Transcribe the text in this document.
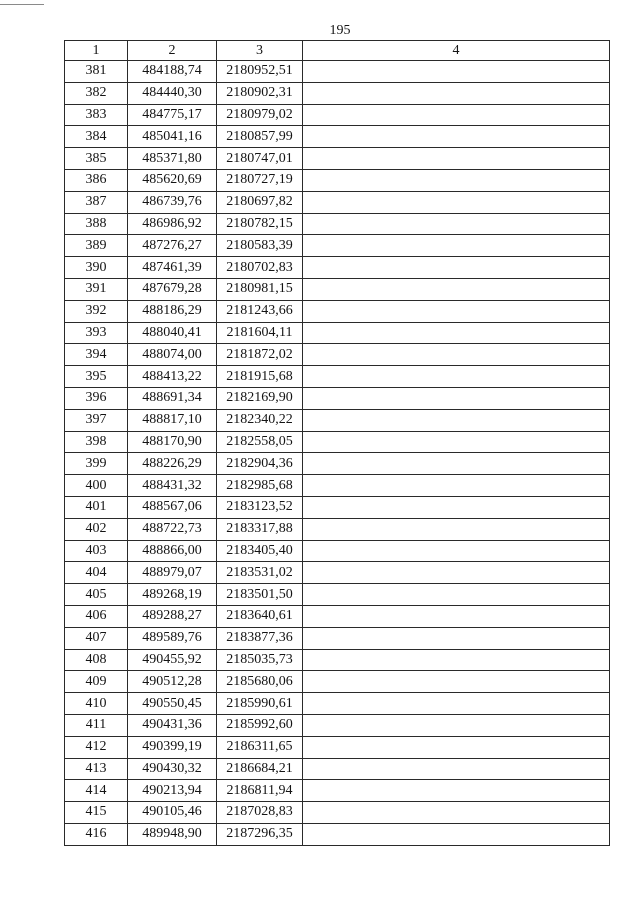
195
1	2	3	4
381	484188,74	2180952,51	
382	484440,30	2180902,31	
383	484775,17	2180979,02	
384	485041,16	2180857,99	
385	485371,80	2180747,01	
386	485620,69	2180727,19	
387	486739,76	2180697,82	
388	486986,92	2180782,15	
389	487276,27	2180583,39	
390	487461,39	2180702,83	
391	487679,28	2180981,15	
392	488186,29	2181243,66	
393	488040,41	2181604,11	
394	488074,00	2181872,02	
395	488413,22	2181915,68	
396	488691,34	2182169,90	
397	488817,10	2182340,22	
398	488170,90	2182558,05	
399	488226,29	2182904,36	
400	488431,32	2182985,68	
401	488567,06	2183123,52	
402	488722,73	2183317,88	
403	488866,00	2183405,40	
404	488979,07	2183531,02	
405	489268,19	2183501,50	
406	489288,27	2183640,61	
407	489589,76	2183877,36	
408	490455,92	2185035,73	
409	490512,28	2185680,06	
410	490550,45	2185990,61	
411	490431,36	2185992,60	
412	490399,19	2186311,65	
413	490430,32	2186684,21	
414	490213,94	2186811,94	
415	490105,46	2187028,83	
416	489948,90	2187296,35	
